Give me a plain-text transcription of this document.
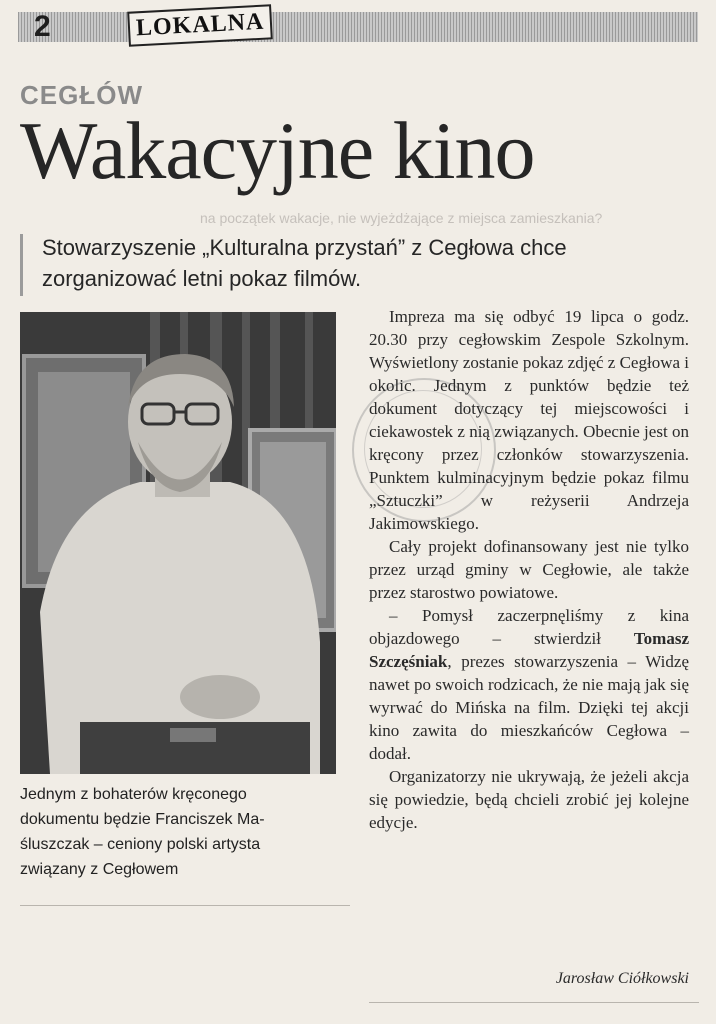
2	LOKALNA
CEGŁÓW
Wakacyjne kino
na początek wakacje, nie wyjeżdżające z miejsca zamieszkania?
Stowarzyszenie „Kulturalna przystań” z Cegłowa chce zorganizować letni pokaz filmów.
Jednym z bohaterów kręconego dokumentu będzie Franciszek Ma-śluszczak – ceniony polski artysta związany z Cegłowem

Impreza ma się odbyć 19 lipca o godz. 20.30 przy cegłowskim Zespole Szkolnym. Wyświetlony zostanie pokaz zdjęć z Cegłowa i okolic. Jednym z punktów będzie też dokument dotyczący tej miejscowości i ciekawostek z nią związanych. Obecnie jest on kręcony przez członków stowarzyszenia. Punktem kulminacyjnym będzie pokaz filmu „Sztuczki” w reżyserii Andrzeja Jakimowskiego.

Cały projekt dofinansowany jest nie tylko przez urząd gminy w Cegłowie, ale także przez starostwo powiatowe.

– Pomysł zaczerpnęliśmy z kina objazdowego – stwierdził Tomasz Szczęśniak, prezes stowarzyszenia – Widzę nawet po swoich rodzicach, że nie mają jak się wyrwać do Mińska na film. Dzięki tej akcji kino zawita do mieszkańców Cegłowa – dodał.

Organizatorzy nie ukrywają, że jeżeli akcja się powiedzie, będą chcieli zrobić jej kolejne edycje.

Jarosław Ciółkowski
